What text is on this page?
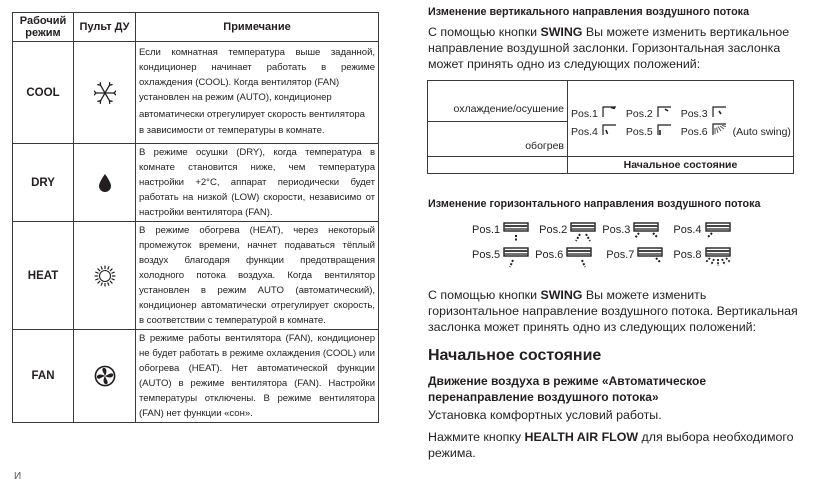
Рабочий режим	Пульт ДУ	Примечание
COOL		Если комнатная температура выше заданной, кондиционер начинает работать в режиме охлаждения (COOL). Когда вентилятор (FAN)

установлен на режим (AUTO), кондиционер

автоматически отрегулирует скорость вентилятора

в зависимости от температуры в комнате.

DRY		В режиме осушки (DRY), когда температура в комнате становится ниже, чем температура настройки +2°C, аппарат периодически будет работать на низкой (LOW) скорости, независимо от настройки вентилятора (FAN).
HEAT		В режиме обогрева (HEAT), через некоторый промежуток времени, начнет подаваться тёплый воздух благодаря функции предотвращения холодного потока воздуха. Когда вентилятор установлен в режим AUTO (автоматический), кондиционер автоматически отрегулирует скорость, в соответствии с температурой в комнате.
FAN		В режиме работы вентилятора (FAN), кондиционер не будет работать в режиме охлаждения (COOL) или обогрева (HEAT). Нет автоматической функции (AUTO) в режиме вентилятора (FAN). Настройки температуры отключены. В режиме вентилятора (FAN) нет функции «сон».
И
Изменение вертикального направления воздушного потока
С помощью кнопки SWING Вы можете изменить вертикальное направление воздушной заслонки. Горизонтальная заслонка может принять одно из следующих положений:
охлаждение/осушение	Pos.1	Pos.2	Pos.3
Pos.4	Pos.5	Pos.6 (Auto swing)

обогрев	
	Начальное состояние
Изменение горизонтального направления воздушного потока
Pos.1	Pos.2	Pos.3	Pos.4
Pos.5	Pos.6	Pos.7	Pos.8
С помощью кнопки SWING Вы можете изменить горизонтальное направление воздушного потока. Вертикальная заслонка может принять одно из следующих положений:
Начальное состояние
Движение воздуха в режиме «Автоматическое перенаправление воздушного потока»
Установка комфортных условий работы.
Нажмите кнопку HEALTH AIR FLOW для выбора необходимого режима.
